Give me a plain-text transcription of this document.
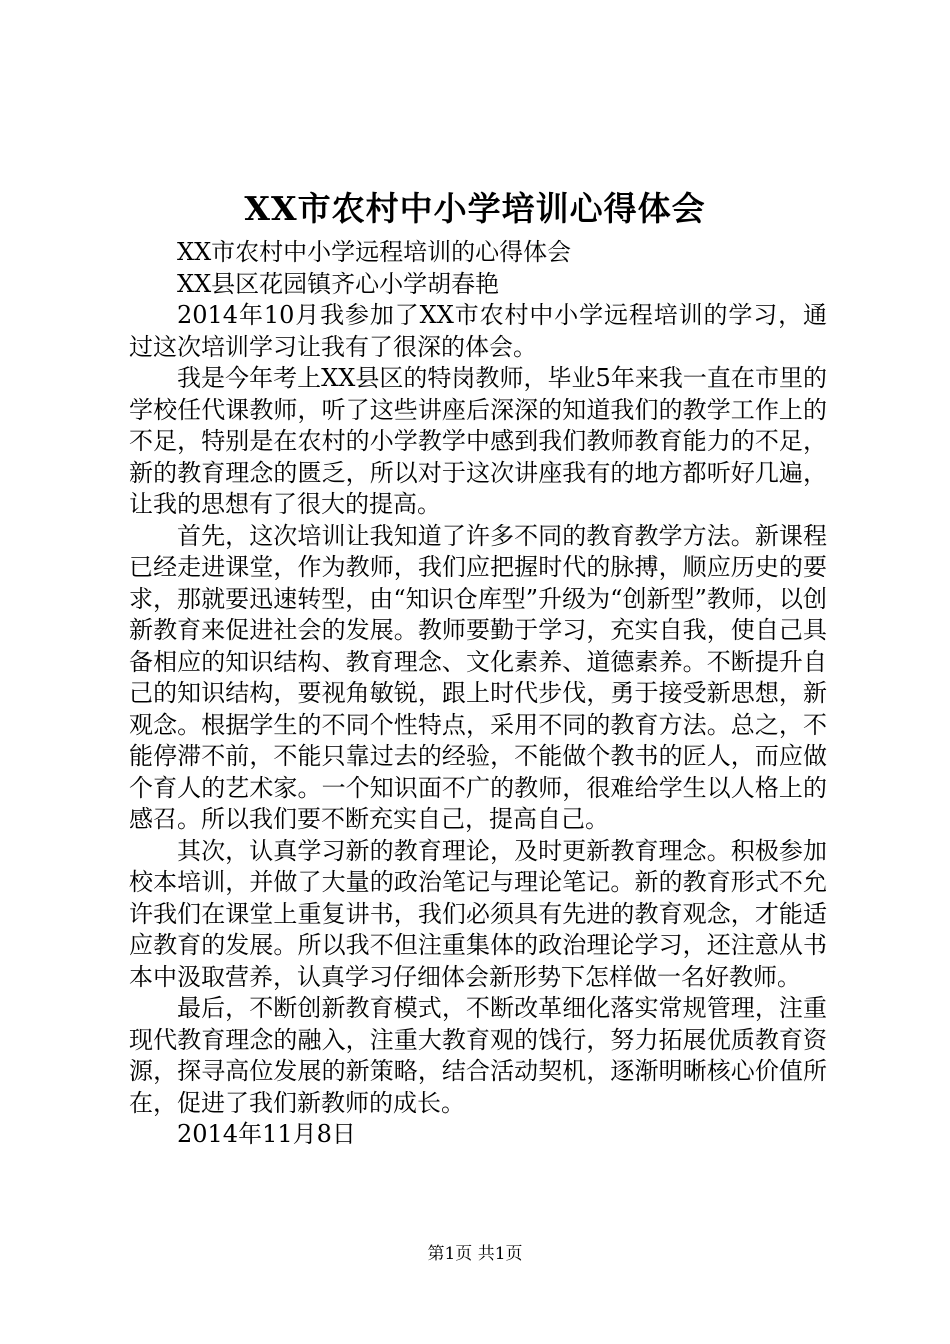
XX市农村中小学培训心得体会

XX市农村中小学远程培训的心得体会

XX县区花园镇齐心小学胡春艳

2014年10月我参加了XX市农村中小学远程培训的学习，通过这次培训学习让我有了很深的体会。

我是今年考上XX县区的特岗教师，毕业5年来我一直在市里的学校任代课教师，听了这些讲座后深深的知道我们的教学工作上的不足，特别是在农村的小学教学中感到我们教师教育能力的不足，新的教育理念的匮乏，所以对于这次讲座我有的地方都听好几遍，让我的思想有了很大的提高。

首先，这次培训让我知道了许多不同的教育教学方法。新课程已经走进课堂，作为教师，我们应把握时代的脉搏，顺应历史的要求，那就要迅速转型，由“知识仓库型”升级为“创新型”教师，以创新教育来促进社会的发展。教师要勤于学习，充实自我，使自己具备相应的知识结构、教育理念、文化素养、道德素养。不断提升自己的知识结构，要视角敏锐，跟上时代步伐，勇于接受新思想，新观念。根据学生的不同个性特点，采用不同的教育方法。总之，不能停滞不前，不能只靠过去的经验，不能做个教书的匠人，而应做个育人的艺术家。一个知识面不广的教师，很难给学生以人格上的感召。所以我们要不断充实自己，提高自己。

其次，认真学习新的教育理论，及时更新教育理念。积极参加校本培训，并做了大量的政治笔记与理论笔记。新的教育形式不允许我们在课堂上重复讲书，我们必须具有先进的教育观念，才能适应教育的发展。所以我不但注重集体的政治理论学习，还注意从书本中汲取营养，认真学习仔细体会新形势下怎样做一名好教师。

最后，不断创新教育模式，不断改革细化落实常规管理，注重现代教育理念的融入，注重大教育观的饯行，努力拓展优质教育资源，探寻高位发展的新策略，结合活动契机，逐渐明晰核心价值所在，促进了我们新教师的成长。

2014年11月8日

第1页 共1页
